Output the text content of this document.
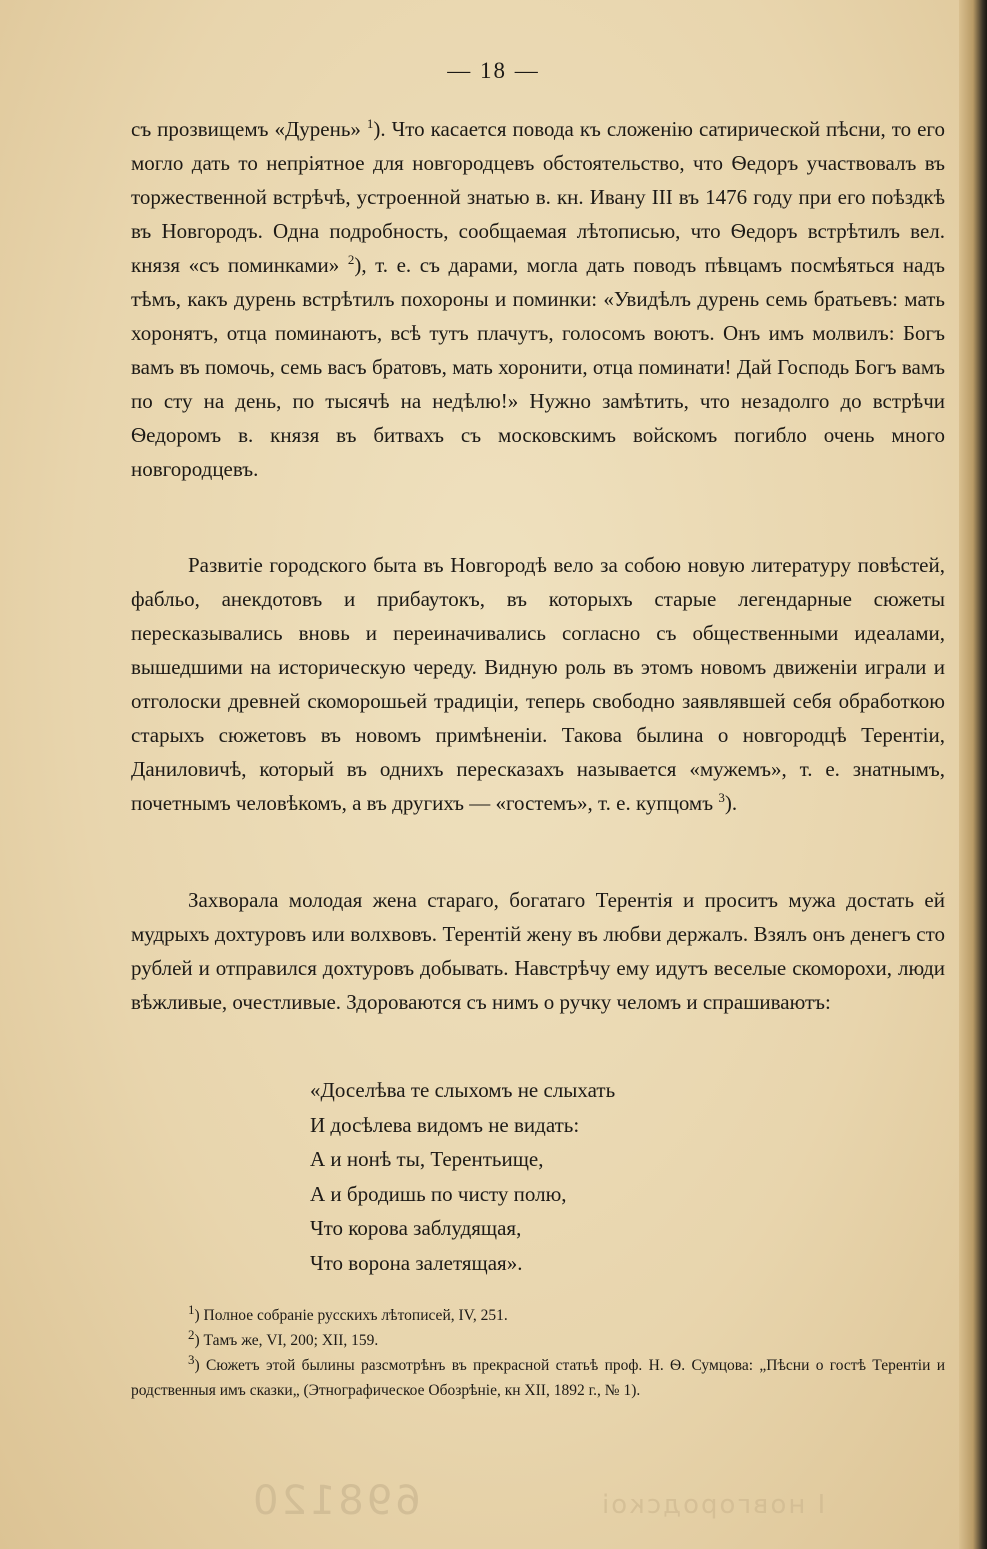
— 18 —
съ прозвищемъ «Дурень» $^1$). Что касается повода къ сложенію сатирической пѣсни, то его могло дать то непріятное для новгородцевъ обстоятельство, что Ѳедоръ участвовалъ въ торжественной встрѣчѣ, устроенной знатью в. кн. Ивану III въ 1476 году при его поѣздкѣ въ Новгородъ. Одна подробность, сообщаемая лѣтописью, что Ѳедоръ встрѣтилъ вел. князя «съ поминками» $^2$), т. е. съ дарами, могла дать поводъ пѣвцамъ посмѣяться надъ тѣмъ, какъ дурень встрѣтилъ похороны и поминки: «Увидѣлъ дурень семь братьевъ: мать хоронятъ, отца поминаютъ, всѣ тутъ плачутъ, голосомъ воютъ. Онъ имъ молвилъ: Богъ вамъ въ помочь, семь васъ братовъ, мать хоронити, отца поминати! Дай Господь Богъ вамъ по сту на день, по тысячѣ на недѣлю!» Нужно замѣтить, что незадолго до встрѣчи Ѳедоромъ в. князя въ битвахъ съ московскимъ войскомъ погибло очень много новгородцевъ.
Развитіе городского быта въ Новгородѣ вело за собою новую литературу повѣстей, фабльо, анекдотовъ и прибаутокъ, въ которыхъ старые легендарные сюжеты пересказывались вновь и переиначивались согласно съ общественными идеалами, вышедшими на историческую череду. Видную роль въ этомъ новомъ движеніи играли и отголоски древней скоморошьей традиціи, теперь свободно заявлявшей себя обработкою старыхъ сюжетовъ въ новомъ примѣненіи. Такова былина о новгородцѣ Терентіи, Даниловичѣ, который въ однихъ пересказахъ называется «мужемъ», т. е. знатнымъ, почетнымъ человѣкомъ, а въ другихъ — «гостемъ», т. е. купцомъ $^3$).
Захворала молодая жена стараго, богатаго Терентія и проситъ мужа достать ей мудрыхъ дохтуровъ или волхвовъ. Терентій жену въ любви держалъ. Взялъ онъ денегъ сто рублей и отправился дохтуровъ добывать. Навстрѣчу ему идутъ веселые скоморохи, люди вѣжливые, очестливые. Здороваются съ нимъ о ручку челомъ и спрашиваютъ:
«Доселѣва те слыхомъ не слыхать
И досѣлева видомъ не видать:
А и нонѣ ты, Терентьище,
А и бродишь по чисту полю,
Что корова заблудящая,
Что ворона залетящая».
$^1$) Полное собраніе русскихъ лѣтописей, IV, 251.
$^2$) Тамъ же, VI, 200; XII, 159.
$^3$) Сюжетъ этой былины разсмотрѣнъ въ прекрасной статьѣ проф. Н. Ѳ. Сумцова: „Пѣсни о гостѣ Терентіи и родственныя имъ сказки„ (Этнографическое Обозрѣніе, кн XII, 1892 г., № 1).
698120	І новгородскоі
